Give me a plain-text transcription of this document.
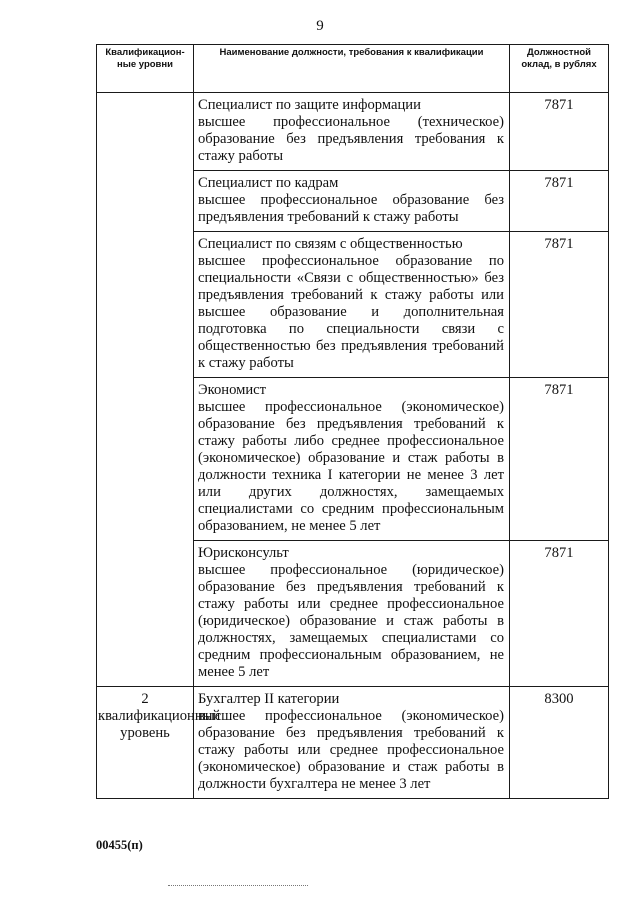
9
Квалификацион-ные уровни	Наименование должности, требования к квалификации	Должностной оклад, в рублях

	Специалист по защите информации
высшее профессиональное (техническое) образование без предъявления требования к стажу работы	7871

	Специалист по кадрам
высшее профессиональное образование без предъявления требований к стажу работы	7871

	Специалист по связям с общественностью
высшее профессиональное образование по специальности «Связи с общественностью» без предъявления требований к стажу работы или высшее образование и дополнительная подготовка по специальности связи с общественностью без предъявления требований к стажу работы	7871

	Экономист
высшее профессиональное (экономическое) образование без предъявления требований к стажу работы либо среднее профессиональное (экономическое) образование и стаж работы в должности техника I категории не менее 3 лет или других должностях, замещаемых специалистами со средним профессиональным образованием, не менее 5 лет	7871

	Юрисконсульт
высшее профессиональное (юридическое) образование без предъявления требований к стажу работы или среднее профессиональное (юридическое) образование и стаж работы в должностях, замещаемых специалистами со средним профессиональным образованием, не менее 5 лет	7871
2 квалификационный уровень	Бухгалтер II категории
высшее профессиональное (экономическое) образование без предъявления требований к стажу работы или среднее профессиональное (экономическое) образование и стаж работы в должности бухгалтера не менее 3 лет	8300
00455(п)
